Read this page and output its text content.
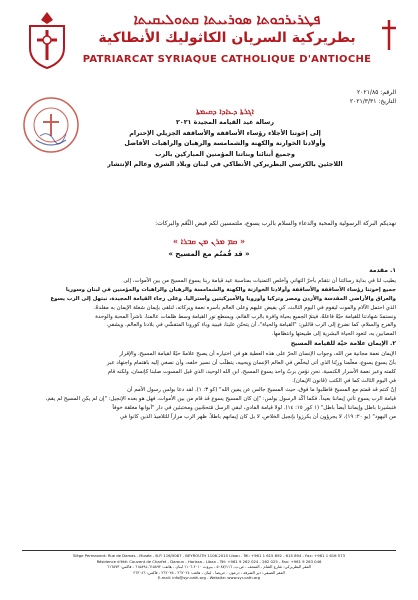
ܦܛܪܝܪܟܘܬܐ ܣܘܪܝܝܬܐ ܩܬܘܠܝܩܝܬܐ
بطريركية السريان الكاثوليك الأنطاكية
PATRIARCAT SYRIAQUE CATHOLIQUE D'ANTIOCHE
الرقم: ٢٠٢١/٨٥
التاريخ: ٢٠٢١/٣/٣١
ܐܓܪܬܐ ܕܥܐܕܐ ܕܩܝܡܬܐ
رسالة عيد القيامة المجيدة ٢٠٢١
إلى إخوتنا الأجلاء رؤساء الأساقفة والأساقفة الجزيلي الإحترام
وأولادنا الخوارنة والكهنة والشمامسة والرهبان والراهبات الأفاضل
وجميع أبنائنا وبناتنا المؤمنين المباركين بالرب
اللاجئين بالكرسي البطريركي الأنطاكي في لبنان وبلاد الشرق وعالم الإنتشار
نهديكم البركة الرسولية والمحبة والدعاء والسلام بالرب يسوع، ملتمسين لكم فيض النِّعَم والبركات:
« ܩܡ ܡܪܢ ܡܢ ܩܒܪܐ »
« قد قُمتُم مع المسيح »
١. مقدمة
يطيب لنا في بداية رسالتنا أن نتقدّم بأحرّ التهاني وأخلص التمنيات بمناسبة عيد قيامة ربنا يسوع المسيح من بين الأموات، إلى
جميع إخوتنا رؤساء الأساقفة والأساقفة وأولادنا الخوارنة والكهنة والشمامسة والرهبان والراهبات والمؤمنين في لبنان وسوريا
والعراق والأراضي المقدسة والأردن ومصر وتركيا وأوروبا والأميركيتين وأستراليا. وعلى رجاء القيامة المجيدة، نبتهل إلى الرب يسوع
الذي احتمل الآلام والموت ليقوم في اليوم الثالث، كي يفيض عليهم وعلى العالم بأسره نعمة ويركاته، لنلقى بإيمان شعلة الإيمان به مقلدةً،
ونستمدّ شهادتنا للقيامة حيّةً فاعلةً، فيتمّ الجميع بحياة وافرة بالرب القائم، ويسطع نور القيامة وسط ظلمات عالمنا، ناشراً المحبة والوحدة
والفرح والسلام، كما نضرع إلى الرب قائلين: "القيامة والحياة"، أن يتحنّن علينا، فيبيد وباء كورونا المتفشّي في بلادنا والعالم، ويشفي
المصابين به، لتعود الحياة البشرية إلى طبيعتها وانتظامها.
٢. الإيمان علامة حيّة للقيامة المسيح
الإيمان نعمة مجانية من الله، وجواب الإنسان الحرّ على هذه العطية هو في اختياره أن يصبح علامةً حيّةً لقيامة المسيح، والإقرار
بأنّ يسوع يسوع، معلّمنا وربّنا الذي أتى ليخلّص في العالم الإنسان ويحييه، يتطلّب أن نسير خلفه، وأن نصغي إليه باهتمام واجتهاد عبر
كلمته وعبر نعمة الأسرار الكنسية. نحن نؤمن بربّ واحد يسوع المسيح، ابن الله الوحيد، الذي قيل المسوت صلبنا كإنسان، ولكنه قام
في اليوم الثالث كما في الكتب (قانون الإيمان).
إنّ كنتم قد قمتم مع المسيح فاطلبوا ما فوق، حيث المسيح جالس عن يمين الله" (كو ٣: ١). لقد دعا بولس رسول الأمم أن
قيامة الرب يسوع تأتي إيماننا بعيداً. فكما أكّد الرسول بولس: "إن كان المسيح يسوع قد قام من بين الأموات، فهل هو بعده الإنجيل: "إن لم يكن المسيح لم يقم،
فتبشيرنا باطل وإيماننا أيضاً باطل" (١ كور ١٥: ١٤). لولا قيامة الفادي، لبقي الرسل مُتحجّبين ومختبئين في دار "أبوابها مغلقة خوفاً
من اليهود" (يو ٢٠: ١٩)، لا يجرؤون أن يكرزوا بإنجيل الخلاص، لا بل كان إيمانهم باطلاً. ظهر الرب مراراً للتلاميذ الذين كانوا في
Siège Permanent: Rue de Damas - Musée - B.P. 116/5087 - BEYROUTH 1106-2010 Liban - Tél: +961 1 615 892 - 615 894 - Fax: +961 1 616 573
Résidence d'été: Couvent de Charfet - Daroun - Harissa - Liban - Tél: +961 9 262 024 - 262 025 - Fax: +961 9 263 046
المقر البطريركي: شارع الشام - المتحف - ص.ب. ٥٠٨٧/١١٦ - بيروت ٢٠١٠-١١٠٦ لبنان - هاتف: ٦١٥٨٩٢-٦١٥٨٩٤ - فاكس: ٦١٦٥٧٣
المقر الصيفي: دير الشرفة - درعون - حريصا - لبنان - هاتف: ٢٦٢٠٢٤ - ٢٦٢٠٢٥ - فاكس: ٢٦٣٠٤٦
E-mail: info@syr-cath.org - Website: www.syr-cath.org
